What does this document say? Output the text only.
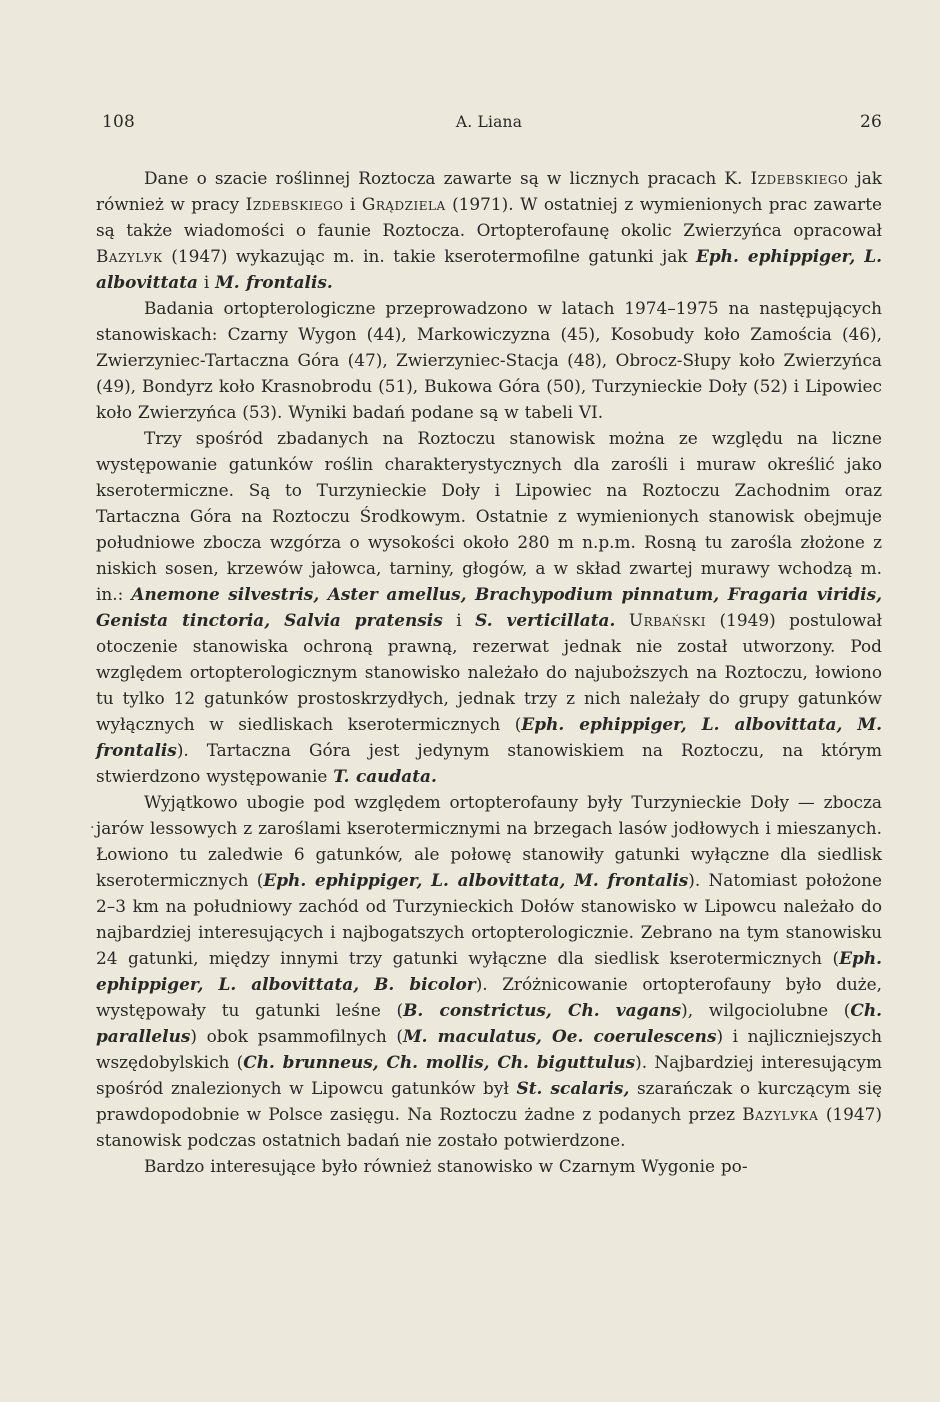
108	A. Liana	26

Dane o szacie roślinnej Roztocza zawarte są w licznych pracach K. Izdebskiego jak również w pracy Izdebskiego i Grądziela (1971). W ostatniej z wymienionych prac zawarte są także wiadomości o faunie Roztocza. Ortopterofaunę okolic Zwierzyńca opracował Bazylук (1947) wykazując m. in. takie kserotermofilne gatunki jak Eph. ephippiger, L. albovittata i M. frontalis.

Badania ortopterologiczne przeprowadzono w latach 1974–1975 na następujących stanowiskach: Czarny Wygon (44), Markowiczyzna (45), Kosobudy koło Zamościa (46), Zwierzyniec-Tartaczna Góra (47), Zwierzyniec-Stacja (48), Obrocz-Słupy koło Zwierzyńca (49), Bondyrz koło Krasnobrodu (51), Bukowa Góra (50), Turzynieckie Doły (52) i Lipowiec koło Zwierzyńca (53). Wyniki badań podane są w tabeli VI.

Trzy spośród zbadanych na Roztoczu stanowisk można ze względu na liczne występowanie gatunków roślin charakterystycznych dla zarośli i muraw określić jako kserotermiczne. Są to Turzynieckie Doły i Lipowiec na Roztoczu Zachodnim oraz Tartaczna Góra na Roztoczu Środkowym. Ostatnie z wymienionych stanowisk obejmuje południowe zbocza wzgórza o wysokości około 280 m n.p.m. Rosną tu zarośla złożone z niskich sosen, krzewów jałowca, tarniny, głogów, a w skład zwartej murawy wchodzą m. in.: Anemone silvestris, Aster amellus, Brachypodium pinnatum, Fragaria viridis, Genista tinctoria, Salvia pratensis i S. verticillata. Urbański (1949) postulował otoczenie stanowiska ochroną prawną, rezerwat jednak nie został utworzony. Pod względem ortopterologicznym stanowisko należało do najuboższych na Roztoczu, łowiono tu tylko 12 gatunków prostoskrzydłych, jednak trzy z nich należały do grupy gatunków wyłącznych w siedliskach kserotermicznych (Eph. ephippiger, L. albovittata, M. frontalis). Tartaczna Góra jest jedynym stanowiskiem na Roztoczu, na którym stwierdzono występowanie T. caudata.

Wyjątkowo ubogie pod względem ortopterofauny były Turzynieckie Doły — zbocza jarów lessowych z zaroślami kserotermicznymi na brzegach lasów jodłowych i mieszanych. Łowiono tu zaledwie 6 gatunków, ale połowę stanowiły gatunki wyłączne dla siedlisk kserotermicznych (Eph. ephippiger, L. albovittata, M. frontalis). Natomiast położone 2–3 km na południowy zachód od Turzynieckich Dołów stanowisko w Lipowcu należało do najbardziej interesujących i najbogatszych ortopterologicznie. Zebrano na tym stanowisku 24 gatunki, między innymi trzy gatunki wyłączne dla siedlisk kserotermicznych (Eph. ephippiger, L. albovittata, B. bicolor). Zróżnicowanie ortopterofauny było duże, występowały tu gatunki leśne (B. constrictus, Ch. vagans), wilgociolubne (Ch. parallelus) obok psammofilnych (M. maculatus, Oe. coerulescens) i najliczniejszych wszędobylskich (Ch. brunneus, Ch. mollis, Ch. biguttulus). Najbardziej interesującym spośród znalezionych w Lipowcu gatunków był St. scalaris, szarańczak o kurczącym się prawdopodobnie w Polsce zasięgu. Na Roztoczu żadne z podanych przez Bazylука (1947) stanowisk podczas ostatnich badań nie zostało potwierdzone.

Bardzo interesujące było również stanowisko w Czarnym Wygonie po-

.
